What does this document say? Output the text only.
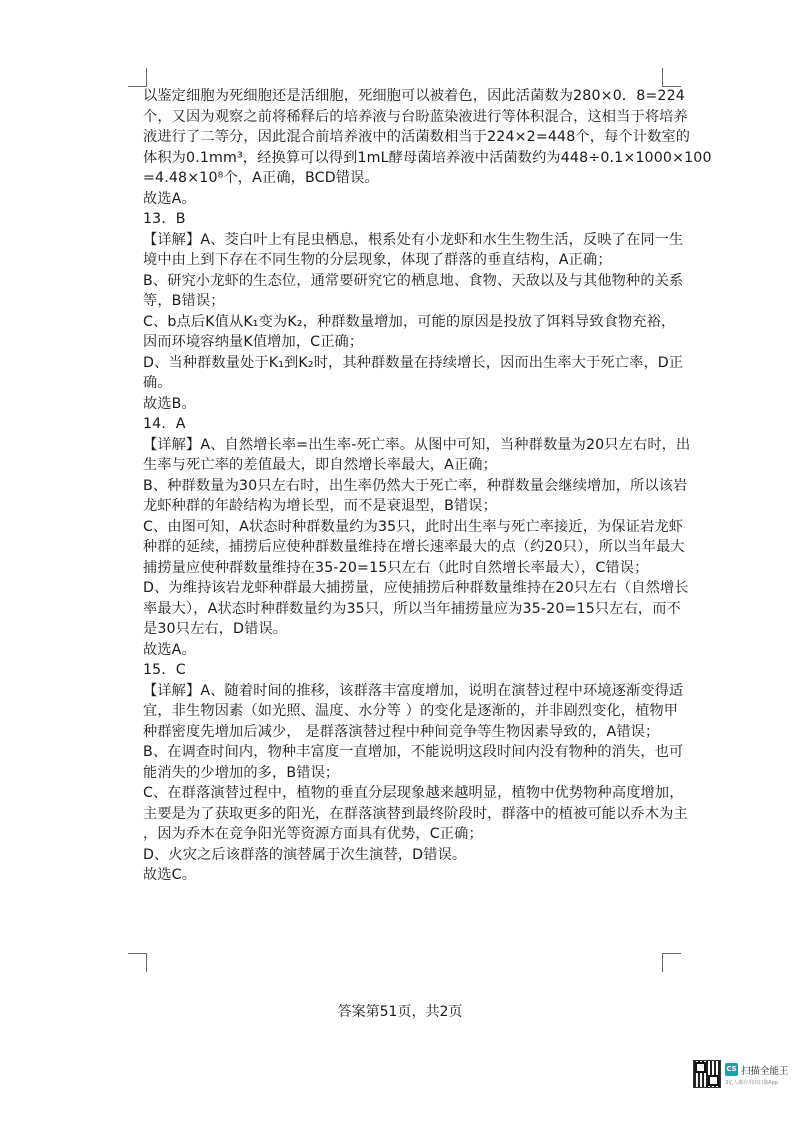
以鉴定细胞为死细胞还是活细胞，死细胞可以被着色，因此活菌数为280×0．8=224
个，又因为观察之前将稀释后的培养液与台盼蓝染液进行等体积混合，这相当于将培养
液进行了二等分，因此混合前培养液中的活菌数相当于224×2=448个，每个计数室的
体积为0.1mm³，经换算可以得到1mL酵母菌培养液中活菌数约为448÷0.1×1000×100
=4.48×10⁸个，A正确，BCD错误。
故选A。
13．B
【详解】A、茭白叶上有昆虫栖息，根系处有小龙虾和水生生物生活，反映了在同一生
境中由上到下存在不同生物的分层现象，体现了群落的垂直结构，A正确；
B、研究小龙虾的生态位，通常要研究它的栖息地、食物、天敌以及与其他物种的关系
等，B错误；
C、b点后K值从K₁变为K₂，种群数量增加，可能的原因是投放了饵料导致食物充裕，
因而环境容纳量K值增加，C正确；
D、当种群数量处于K₁到K₂时，其种群数量在持续增长，因而出生率大于死亡率，D正
确。
故选B。
14．A
【详解】A、自然增长率=出生率-死亡率。从图中可知，当种群数量为20只左右时，出
生率与死亡率的差值最大，即自然增长率最大，A正确；
B、种群数量为30只左右时，出生率仍然大于死亡率，种群数量会继续增加，所以该岩
龙虾种群的年龄结构为增长型，而不是衰退型，B错误；
C、由图可知，A状态时种群数量约为35只，此时出生率与死亡率接近，为保证岩龙虾
种群的延续，捕捞后应使种群数量维持在增长速率最大的点（约20只），所以当年最大
捕捞量应使种群数量维持在35-20=15只左右（此时自然增长率最大），C错误；
D、为维持该岩龙虾种群最大捕捞量，应使捕捞后种群数量维持在20只左右（自然增长
率最大），A状态时种群数量约为35只，所以当年捕捞量应为35-20=15只左右，而不
是30只左右，D错误。
故选A。
15．C
【详解】A、随着时间的推移，该群落丰富度增加，说明在演替过程中环境逐渐变得适
宜，非生物因素（如光照、温度、水分等 ）的变化是逐渐的，并非剧烈变化，植物甲
种群密度先增加后减少， 是群落演替过程中种间竞争等生物因素导致的，A错误；
B、在调查时间内，物种丰富度一直增加，不能说明这段时间内没有物种的消失，也可
能消失的少增加的多，B错误；
C、在群落演替过程中，植物的垂直分层现象越来越明显，植物中优势物种高度增加，
主要是为了获取更多的阳光，在群落演替到最终阶段时，群落中的植被可能以乔木为主
，因为乔木在竞争阳光等资源方面具有优势，C正确；
D、火灾之后该群落的演替属于次生演替，D错误。
故选C。
答案第51页，共2页
CS 扫描全能王
3亿人都在用的扫描App
